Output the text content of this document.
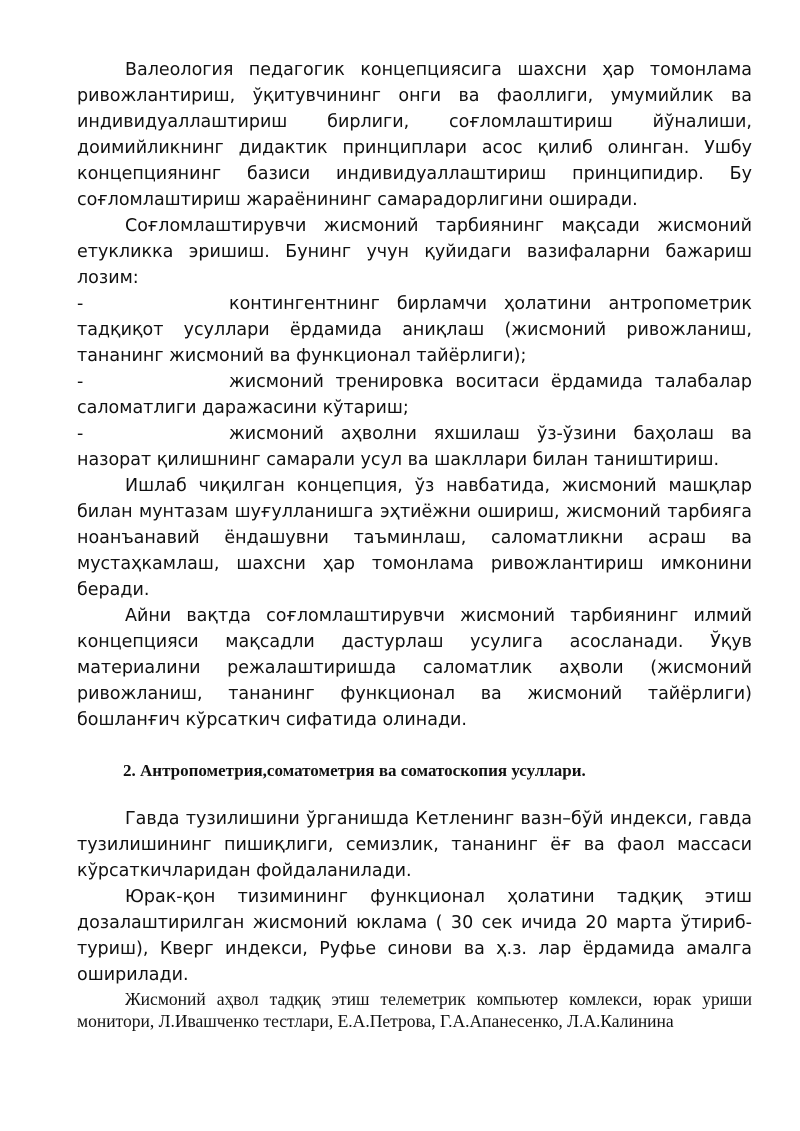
Валеология педагогик концепциясига шахсни ҳар томонлама ривожлантириш, ўқитувчининг онги ва фаоллиги, умумийлик ва индивидуаллаштириш бирлиги, соғломлаштириш йўналиши, доимийликнинг дидактик принциплари асос қилиб олинган. Ушбу концепциянинг базиси индивидуаллаштириш принципидир. Бу соғломлаштириш жараёнининг самарадорлигини оширади.

Соғломлаштирувчи жисмоний тарбиянинг мақсади жисмоний етукликка эришиш. Бунинг учун қуйидаги вазифаларни бажариш лозим:

-	контингентнинг бирламчи ҳолатини антропометрик тадқиқот усуллари ёрдамида аниқлаш (жисмоний ривожланиш, тананинг жисмоний ва функционал тайёрлиги);

-	жисмоний тренировка воситаси ёрдамида талабалар саломатлиги даражасини кўтариш;

-	жисмоний аҳволни яхшилаш ўз-ўзини баҳолаш ва назорат қилишнинг самарали усул ва шакллари билан таништириш.

Ишлаб чиқилган концепция, ўз навбатида, жисмоний машқлар билан мунтазам шуғулланишга эҳтиёжни ошириш, жисмоний тарбияга ноанъанавий ёндашувни таъминлаш, саломатликни асраш ва мустаҳкамлаш, шахсни ҳар томонлама ривожлантириш имконини беради.

Айни вақтда соғломлаштирувчи жисмоний тарбиянинг илмий концепцияси мақсадли дастурлаш усулига асосланади. Ўқув материалини режалаштиришда саломатлик аҳволи (жисмоний ривожланиш, тананинг функционал ва жисмоний тайёрлиги) бошланғич кўрсаткич сифатида олинади.

2. Антропометрия,соматометрия ва соматоскопия усуллари.

Гавда тузилишини ўрганишда Кетленинг вазн–бўй индекси, гавда тузилишининг пишиқлиги, семизлик, тананинг ёғ ва фаол массаси кўрсаткичларидан фойдаланилади.

Юрак-қон тизимининг функционал ҳолатини тадқиқ этиш дозалаштирилган жисмоний юклама ( 30 сек ичида 20 марта ўтириб-туриш), Кверг индекси, Руфье синови ва ҳ.з. лар ёрдамида амалга оширилади.

Жисмоний аҳвол тадқиқ этиш телеметрик компьютер комлекси, юрак уриши монитори, Л.Ивашченко тестлари, Е.А.Петрова, Г.А.Апанесенко, Л.А.Калинина
